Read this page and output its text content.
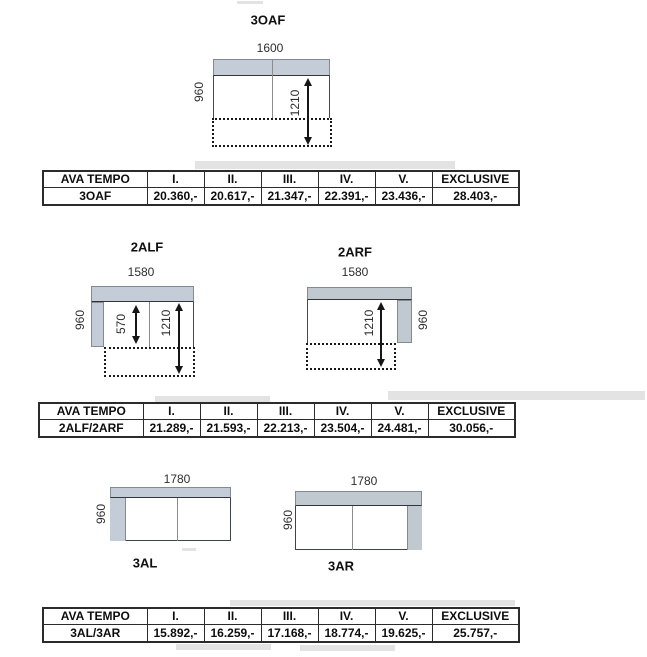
3OAF
1600
1210
960
AVA TEMPO	I.	II.	III.	IV.	V.	EXCLUSIVE
3OAF	20.360,-	20.617,-	21.347,-	22.391,-	23.436,-	28.403,-
2ALF
1580
570	1210
960
2ARF
1580
1210	960
AVA TEMPO	I.	II.	III.	IV.	V.	EXCLUSIVE
2ALF/2ARF	21.289,-	21.593,-	22.213,-	23.504,-	24.481,-	30.056,-
1780
960
3AL
1780
960
3AR
AVA TEMPO	I.	II.	III.	IV.	V.	EXCLUSIVE
3AL/3AR	15.892,-	16.259,-	17.168,-	18.774,-	19.625,-	25.757,-
